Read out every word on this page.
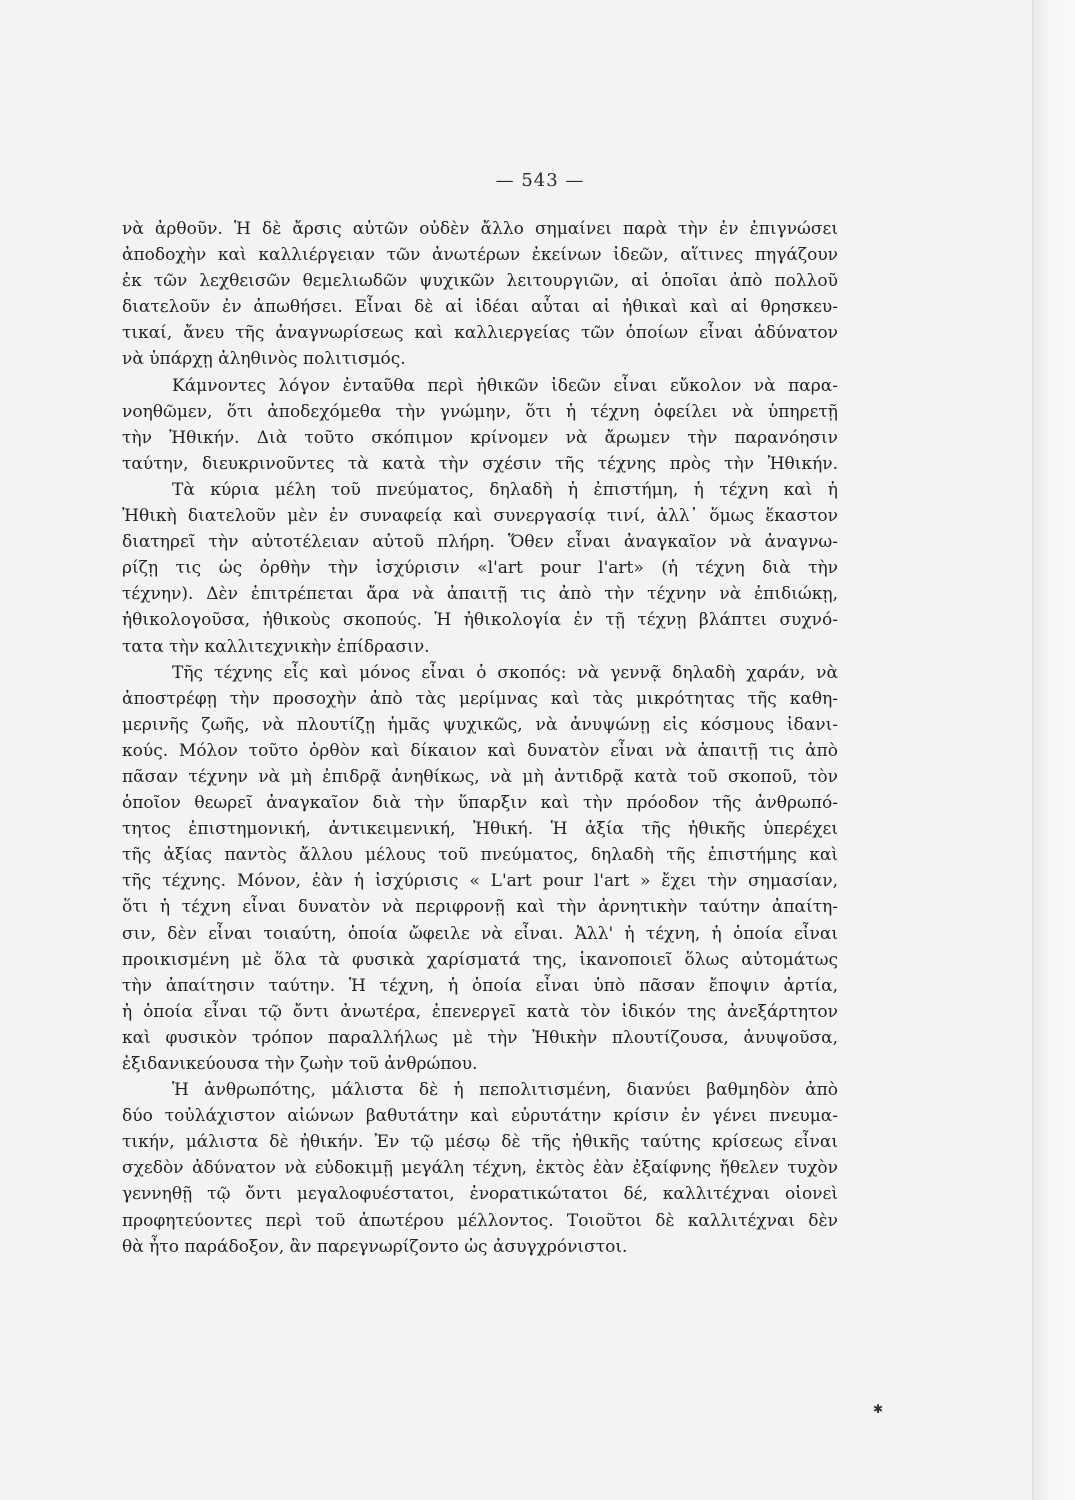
— 543 —
νὰ ἀρθοῦν. Ἡ δὲ ἄρσις αὐτῶν οὐδὲν ἄλλο σημαίνει παρὰ τὴν ἐν ἐπιγνώσει
ἀποδοχὴν καὶ καλλιέργειαν τῶν ἀνωτέρων ἐκείνων ἰδεῶν, αἵτινες πηγάζουν
ἐκ τῶν λεχθεισῶν θεμελιωδῶν ψυχικῶν λειτουργιῶν, αἱ ὁποῖαι ἀπὸ πολλοῦ
διατελοῦν ἐν ἀπωθήσει. Εἶναι δὲ αἱ ἰδέαι αὗται αἱ ἠθικαὶ καὶ αἱ θρησκευ-
τικαί, ἄνευ τῆς ἀναγνωρίσεως καὶ καλλιεργείας τῶν ὁποίων εἶναι ἀδύνατον
νὰ ὑπάρχῃ ἀληθινὸς πολιτισμός.
Κάμνοντες λόγον ἐνταῦθα περὶ ἠθικῶν ἰδεῶν εἶναι εὔκολον νὰ παρα-
νοηθῶμεν, ὅτι ἀποδεχόμεθα τὴν γνώμην, ὅτι ἡ τέχνη ὀφείλει νὰ ὑπηρετῇ
τὴν Ἠθικήν. Διὰ τοῦτο σκόπιμον κρίνομεν νὰ ἄρωμεν τὴν παρανόησιν
ταύτην, διευκρινοῦντες τὰ κατὰ τὴν σχέσιν τῆς τέχνης πρὸς τὴν Ἠθικήν.
Τὰ κύρια μέλη τοῦ πνεύματος, δηλαδὴ ἡ ἐπιστήμη, ἡ τέχνη καὶ ἡ
Ἠθικὴ διατελοῦν μὲν ἐν συναφείᾳ καὶ συνεργασίᾳ τινί, ἀλλ᾽ ὅμως ἕκαστον
διατηρεῖ τὴν αὐτοτέλειαν αὐτοῦ πλήρη. Ὅθεν εἶναι ἀναγκαῖον νὰ ἀναγνω-
ρίζῃ τις ὡς ὀρθὴν τὴν ἰσχύρισιν «l'art pour l'art» (ἡ τέχνη διὰ τὴν
τέχνην). Δὲν ἐπιτρέπεται ἄρα νὰ ἀπαιτῇ τις ἀπὸ τὴν τέχνην νὰ ἐπιδιώκῃ,
ἠθικολογοῦσα, ἠθικοὺς σκοπούς. Ἡ ἠθικολογία ἐν τῇ τέχνῃ βλάπτει συχνό-
τατα τὴν καλλιτεχνικὴν ἐπίδρασιν.
Τῆς τέχνης εἷς καὶ μόνος εἶναι ὁ σκοπός: νὰ γεννᾷ δηλαδὴ χαράν, νὰ
ἀποστρέφῃ τὴν προσοχὴν ἀπὸ τὰς μερίμνας καὶ τὰς μικρότητας τῆς καθη-
μερινῆς ζωῆς, νὰ πλουτίζῃ ἡμᾶς ψυχικῶς, νὰ ἀνυψώνῃ εἰς κόσμους ἰδανι-
κούς. Μόλον τοῦτο ὀρθὸν καὶ δίκαιον καὶ δυνατὸν εἶναι νὰ ἀπαιτῇ τις ἀπὸ
πᾶσαν τέχνην νὰ μὴ ἐπιδρᾷ ἀνηθίκως, νὰ μὴ ἀντιδρᾷ κατὰ τοῦ σκοποῦ, τὸν
ὁποῖον θεωρεῖ ἀναγκαῖον διὰ τὴν ὕπαρξιν καὶ τὴν πρόοδον τῆς ἀνθρωπό-
τητος ἐπιστημονική, ἀντικειμενική, Ἠθική. Ἡ ἀξία τῆς ἠθικῆς ὑπερέχει
τῆς ἀξίας παντὸς ἄλλου μέλους τοῦ πνεύματος, δηλαδὴ τῆς ἐπιστήμης καὶ
τῆς τέχνης. Μόνον, ἐὰν ἡ ἰσχύρισις « L'art pour l'art » ἔχει τὴν σημασίαν,
ὅτι ἡ τέχνη εἶναι δυνατὸν νὰ περιφρονῇ καὶ τὴν ἀρνητικὴν ταύτην ἀπαίτη-
σιν, δὲν εἶναι τοιαύτη, ὁποία ὤφειλε νὰ εἶναι. Ἀλλ' ἡ τέχνη, ἡ ὁποία εἶναι
προικισμένη μὲ ὅλα τὰ φυσικὰ χαρίσματά της, ἱκανοποιεῖ ὅλως αὐτομάτως
τὴν ἀπαίτησιν ταύτην. Ἡ τέχνη, ἡ ὁποία εἶναι ὑπὸ πᾶσαν ἔποψιν ἀρτία,
ἡ ὁποία εἶναι τῷ ὄντι ἀνωτέρα, ἐπενεργεῖ κατὰ τὸν ἰδικόν της ἀνεξάρτητον
καὶ φυσικὸν τρόπον παραλλήλως μὲ τὴν Ἠθικὴν πλουτίζουσα, ἀνυψοῦσα,
ἐξιδανικεύουσα τὴν ζωὴν τοῦ ἀνθρώπου.
Ἡ ἀνθρωπότης, μάλιστα δὲ ἡ πεπολιτισμένη, διανύει βαθμηδὸν ἀπὸ
δύο τοὐλάχιστον αἰώνων βαθυτάτην καὶ εὐρυτάτην κρίσιν ἐν γένει πνευμα-
τικήν, μάλιστα δὲ ἠθικήν. Ἐν τῷ μέσῳ δὲ τῆς ἠθικῆς ταύτης κρίσεως εἶναι
σχεδὸν ἀδύνατον νὰ εὐδοκιμῇ μεγάλη τέχνη, ἐκτὸς ἐὰν ἐξαίφνης ἤθελεν τυχὸν
γεννηθῇ τῷ ὄντι μεγαλοφυέστατοι, ἐνορατικώτατοι δέ, καλλιτέχναι οἱονεὶ
προφητεύοντες περὶ τοῦ ἀπωτέρου μέλλοντος. Τοιοῦτοι δὲ καλλιτέχναι δὲν
θὰ ἦτο παράδοξον, ἂν παρεγνωρίζοντο ὡς ἀσυγχρόνιστοι.
✱
